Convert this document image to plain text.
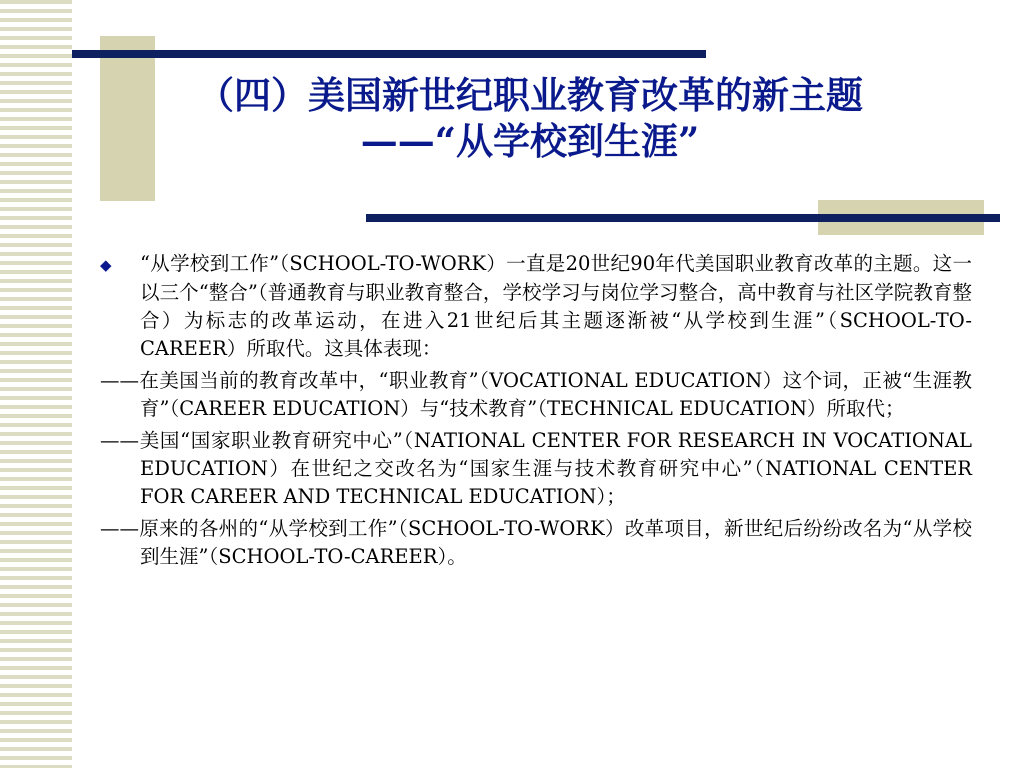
（四）美国新世纪职业教育改革的新主题
——“从学校到生涯”

◆ “从学校到工作”（SCHOOL-TO-WORK）一直是20世纪90年代美国职业教育改革的主题。这一以三个“整合”（普通教育与职业教育整合，学校学习与岗位学习整合，高中教育与社区学院教育整合）为标志的改革运动，在进入21世纪后其主题逐渐被“从学校到生涯”（SCHOOL-TO-CAREER）所取代。这具体表现：

——在美国当前的教育改革中，“职业教育”（VOCATIONAL EDUCATION）这个词，正被“生涯教育”（CAREER EDUCATION）与“技术教育”（TECHNICAL EDUCATION）所取代；

——美国“国家职业教育研究中心”（NATIONAL CENTER FOR RESEARCH IN VOCATIONAL EDUCATION）在世纪之交改名为“国家生涯与技术教育研究中心”（NATIONAL CENTER FOR CAREER AND TECHNICAL EDUCATION）；

——原来的各州的“从学校到工作”（SCHOOL-TO-WORK）改革项目，新世纪后纷纷改名为“从学校到生涯”（SCHOOL-TO-CAREER）。
